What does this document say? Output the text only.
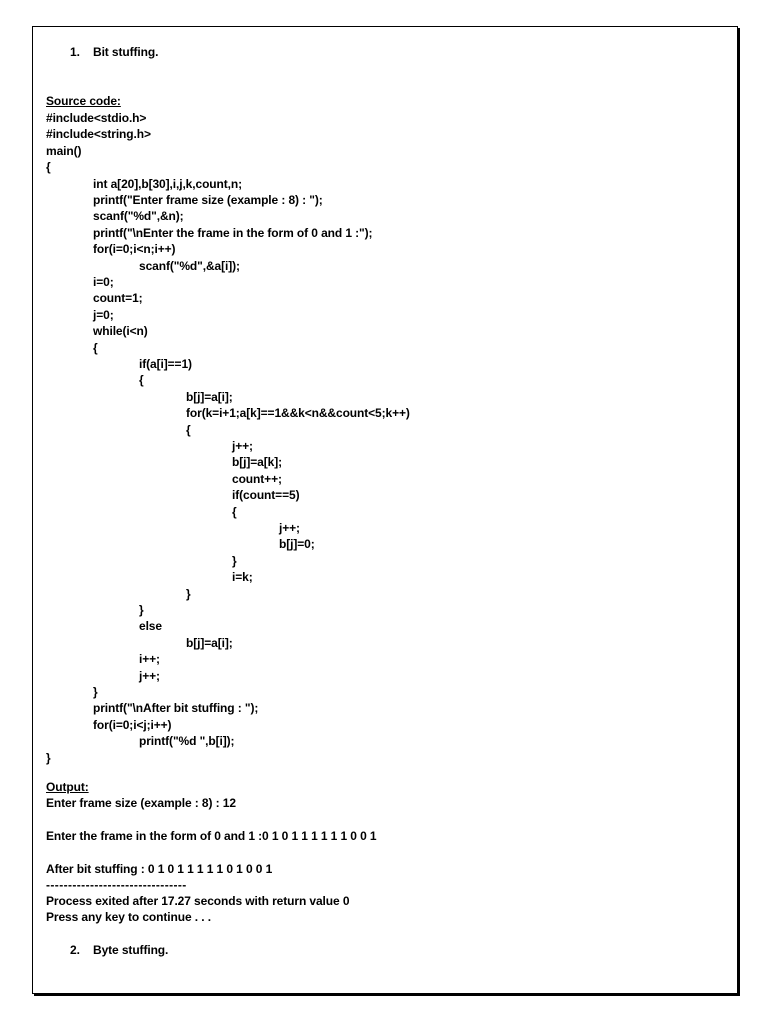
1. Bit stuffing.
Source code:
#include<stdio.h>
#include<string.h>
main()
{
int a[20],b[30],i,j,k,count,n;
printf("Enter frame size (example : 8) : ");
scanf("%d",&n);
printf("\nEnter the frame in the form of 0 and 1 :");
for(i=0;i<n;i++)
scanf("%d",&a[i]);
i=0;
count=1;
j=0;
while(i<n)
{
if(a[i]==1)
{
b[j]=a[i];
for(k=i+1;a[k]==1&&k<n&&count<5;k++)
{
j++;
b[j]=a[k];
count++;
if(count==5)
{
j++;
b[j]=0;
}
i=k;
}
}
else
b[j]=a[i];
i++;
j++;
}
printf("\nAfter bit stuffing : ");
for(i=0;i<j;i++)
printf("%d ",b[i]);
}
Output:
Enter frame size (example : 8) : 12
Enter the frame in the form of 0 and 1 :0 1 0 1 1 1 1 1 1 0 0 1
After bit stuffing : 0 1 0 1 1 1 1 1 0 1 0 0 1
--------------------------------
Process exited after 17.27 seconds with return value 0
Press any key to continue . . .
2. Byte stuffing.
